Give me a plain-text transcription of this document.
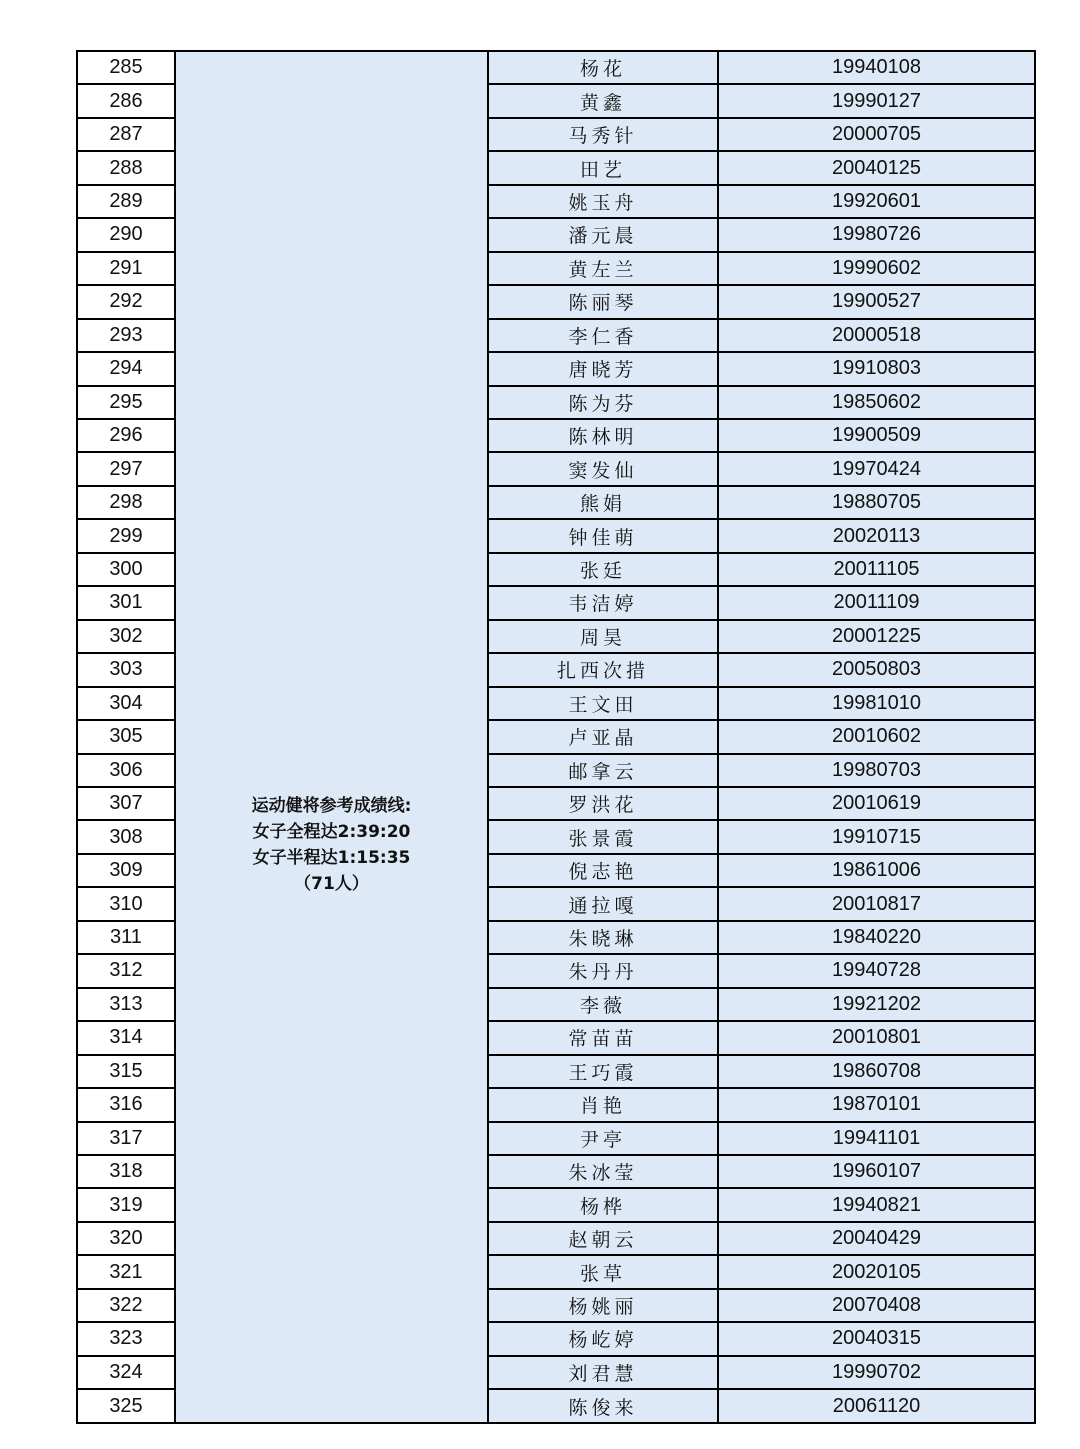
285	运动健将参考成绩线:
女子全程达2:39:20
女子半程达1:15:35
（71人）	杨花	19940108
286		黄鑫	19990127
287		马秀针	20000705
288		田艺	20040125
289		姚玉舟	19920601
290		潘元晨	19980726
291		黄左兰	19990602
292		陈丽琴	19900527
293		李仁香	20000518
294		唐晓芳	19910803
295		陈为芬	19850602
296		陈林明	19900509
297		窦发仙	19970424
298		熊娟	19880705
299		钟佳萌	20020113
300		张廷	20011105
301		韦洁婷	20011109
302		周昊	20001225
303		扎西次措	20050803
304		王文田	19981010
305		卢亚晶	20010602
306		邮拿云	19980703
307		罗洪花	20010619
308		张景霞	19910715
309		倪志艳	19861006
310		通拉嘎	20010817
311		朱晓琳	19840220
312		朱丹丹	19940728
313		李薇	19921202
314		常苗苗	20010801
315		王巧霞	19860708
316		肖艳	19870101
317		尹亭	19941101
318		朱冰莹	19960107
319		杨桦	19940821
320		赵朝云	20040429
321		张草	20020105
322		杨姚丽	20070408
323		杨屹婷	20040315
324		刘君慧	19990702
325		陈俊来	20061120
